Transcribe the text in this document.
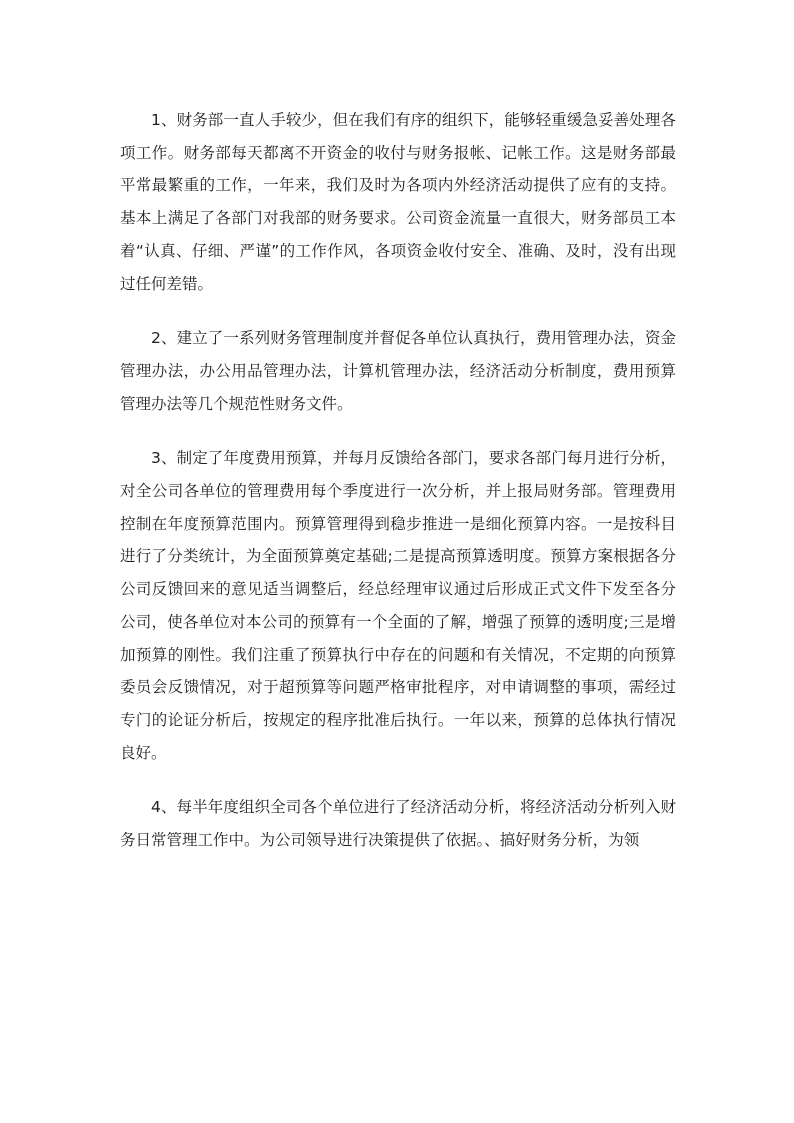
1、财务部一直人手较少，但在我们有序的组织下，能够轻重缓急妥善处理各项工作。财务部每天都离不开资金的收付与财务报帐、记帐工作。这是财务部最平常最繁重的工作，一年来，我们及时为各项内外经济活动提供了应有的支持。基本上满足了各部门对我部的财务要求。公司资金流量一直很大，财务部员工本着“认真、仔细、严谨”的工作作风，各项资金收付安全、准确、及时，没有出现过任何差错。

2、建立了一系列财务管理制度并督促各单位认真执行，费用管理办法，资金管理办法，办公用品管理办法，计算机管理办法，经济活动分析制度，费用预算管理办法等几个规范性财务文件。

3、制定了年度费用预算，并每月反馈给各部门，要求各部门每月进行分析，对全公司各单位的管理费用每个季度进行一次分析，并上报局财务部。管理费用控制在年度预算范围内。预算管理得到稳步推进一是细化预算内容。一是按科目进行了分类统计，为全面预算奠定基础;二是提高预算透明度。预算方案根据各分公司反馈回来的意见适当调整后，经总经理审议通过后形成正式文件下发至各分公司，使各单位对本公司的预算有一个全面的了解，增强了预算的透明度;三是增加预算的刚性。我们注重了预算执行中存在的问题和有关情况，不定期的向预算委员会反馈情况，对于超预算等问题严格审批程序，对申请调整的事项，需经过专门的论证分析后，按规定的程序批准后执行。一年以来，预算的总体执行情况良好。

4、每半年度组织全司各个单位进行了经济活动分析，将经济活动分析列入财务日常管理工作中。为公司领导进行决策提供了依据。、搞好财务分析，为领
